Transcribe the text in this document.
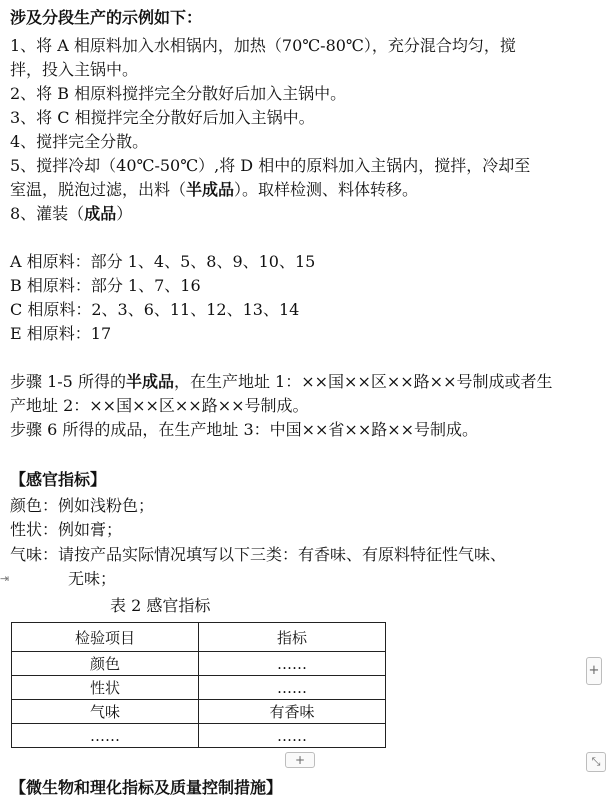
涉及分段生产的示例如下：
1、将 A 相原料加入水相锅内，加热（70℃-80℃），充分混合均匀，搅
拌，投入主锅中。
2、将 B 相原料搅拌完全分散好后加入主锅中。
3、将 C 相搅拌完全分散好后加入主锅中。
4、搅拌完全分散。
5、搅拌冷却（40℃-50℃）,将 D 相中的原料加入主锅内，搅拌，冷却至
室温，脱泡过滤，出料（半成品）。取样检测、料体转移。
8、灌装（成品）
A 相原料：部分 1、4、5、8、9、10、15
B 相原料：部分 1、7、16
C 相原料：2、3、6、11、12、13、14
E 相原料：17
步骤 1-5 所得的半成品，在生产地址 1：××国××区××路××号制成或者生
产地址 2：××国××区××路××号制成。
步骤 6 所得的成品，在生产地址 3：中国××省××路××号制成。
【感官指标】
颜色：例如浅粉色；
性状：例如膏；
气味：请按产品实际情况填写以下三类：有香味、有原料特征性气味、
无味；
⇥
表 2 感官指标
检验项目	指标
颜色	……
性状	……
气味	有香味
……	……
+
+	⤡
【微生物和理化指标及质量控制措施】
